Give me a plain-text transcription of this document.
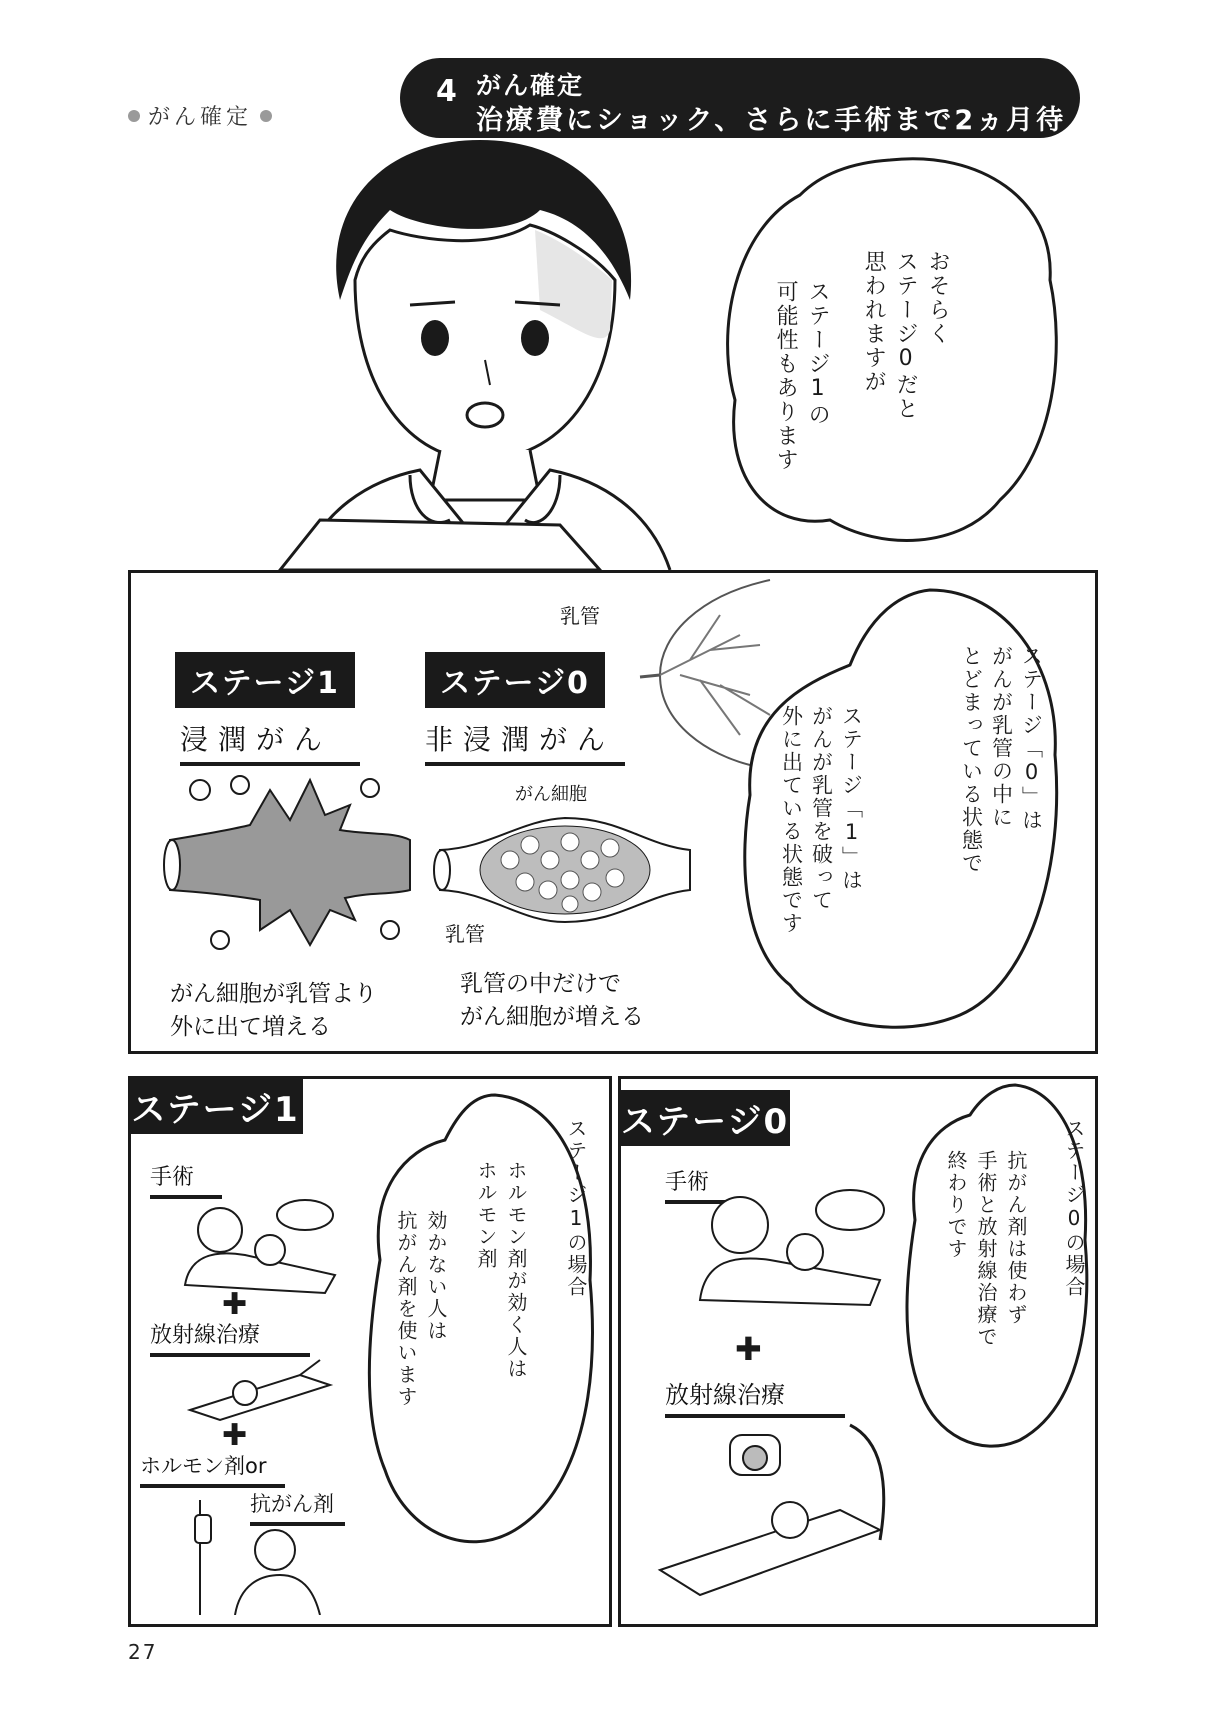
がん確定
4 がん確定
治療費にショック、さらに手術まで2ヵ月待
おそらく
ステージ0だと
思われますが
ステージ1の
可能性もあります
乳管
ステージ1
浸潤がん
がん細胞が乳管より
外に出て増える
ステージ0
非浸潤がん
がん細胞
乳管
乳管の中だけで
がん細胞が増える
ステージ「0」は
がんが乳管の中に
とどまっている状態で
ステージ「1」は
がんが乳管を破って
外に出ている状態です
ステージ1
手術
✚
放射線治療
✚
ホルモン剤or
抗がん剤
ステージ1の場合
ホルモン剤が効く人は
ホルモン剤
効かない人は
抗がん剤を使います
ステージ0
手術
✚
放射線治療
ステージ0の場合
抗がん剤は使わず
手術と放射線治療で
終わりです
27
